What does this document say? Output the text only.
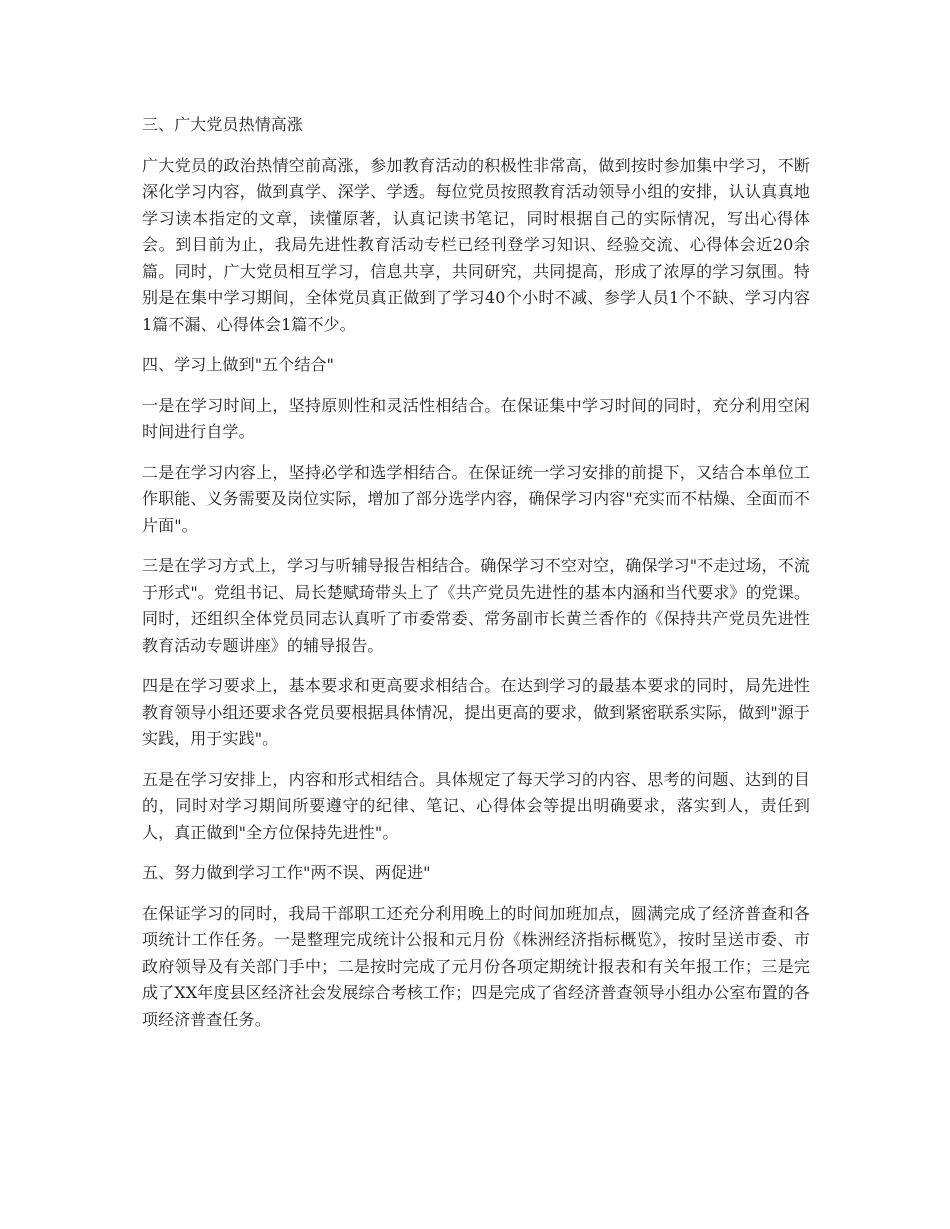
三、广大党员热情高涨

广大党员的政治热情空前高涨，参加教育活动的积极性非常高，做到按时参加集中学习，不断深化学习内容，做到真学、深学、学透。每位党员按照教育活动领导小组的安排，认认真真地学习读本指定的文章，读懂原著，认真记读书笔记，同时根据自己的实际情况，写出心得体会。到目前为止，我局先进性教育活动专栏已经刊登学习知识、经验交流、心得体会近20余篇。同时，广大党员相互学习，信息共享，共同研究，共同提高，形成了浓厚的学习氛围。特别是在集中学习期间，全体党员真正做到了学习40个小时不减、参学人员1个不缺、学习内容1篇不漏、心得体会1篇不少。

四、学习上做到"五个结合"

一是在学习时间上，坚持原则性和灵活性相结合。在保证集中学习时间的同时，充分利用空闲时间进行自学。

二是在学习内容上，坚持必学和选学相结合。在保证统一学习安排的前提下，又结合本单位工作职能、义务需要及岗位实际，增加了部分选学内容，确保学习内容"充实而不枯燥、全面而不片面"。

三是在学习方式上，学习与听辅导报告相结合。确保学习不空对空，确保学习"不走过场，不流于形式"。党组书记、局长楚赋琦带头上了《共产党员先进性的基本内涵和当代要求》的党课。同时，还组织全体党员同志认真听了市委常委、常务副市长黄兰香作的《保持共产党员先进性教育活动专题讲座》的辅导报告。

四是在学习要求上，基本要求和更高要求相结合。在达到学习的最基本要求的同时，局先进性教育领导小组还要求各党员要根据具体情况，提出更高的要求，做到紧密联系实际，做到"源于实践，用于实践"。

五是在学习安排上，内容和形式相结合。具体规定了每天学习的内容、思考的问题、达到的目的，同时对学习期间所要遵守的纪律、笔记、心得体会等提出明确要求，落实到人，责任到人，真正做到"全方位保持先进性"。

五、努力做到学习工作"两不误、两促进"

在保证学习的同时，我局干部职工还充分利用晚上的时间加班加点，圆满完成了经济普查和各项统计工作任务。一是整理完成统计公报和元月份《株洲经济指标概览》，按时呈送市委、市政府领导及有关部门手中；二是按时完成了元月份各项定期统计报表和有关年报工作；三是完成了XX年度县区经济社会发展综合考核工作；四是完成了省经济普查领导小组办公室布置的各项经济普查任务。
